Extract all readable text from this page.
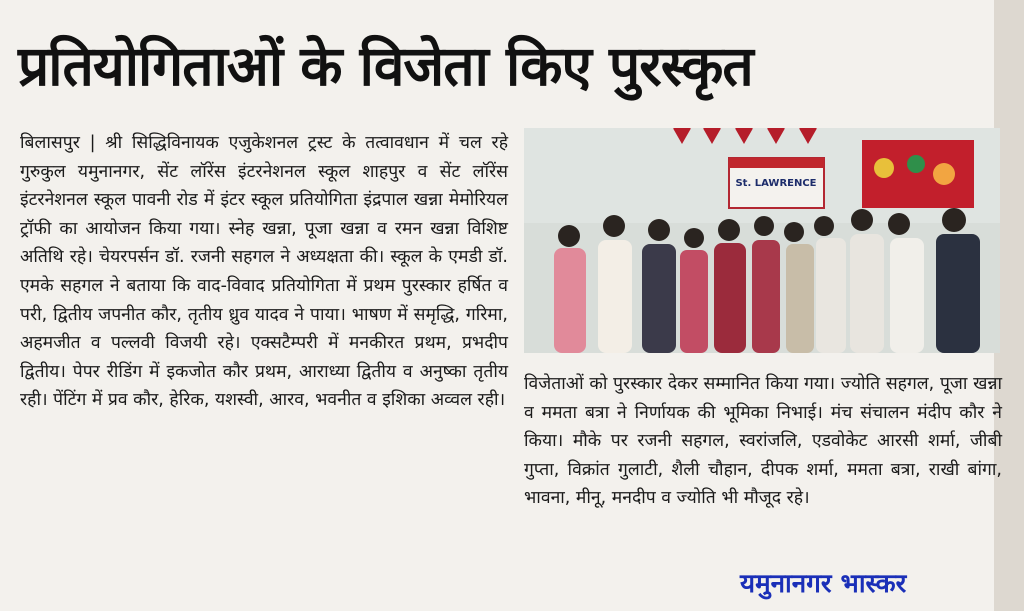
प्रतियोगिताओं के विजेता किए पुरस्कृत

बिलासपुर | श्री सिद्धिविनायक एजुकेशनल ट्रस्ट के तत्वावधान में चल रहे गुरुकुल यमुनानगर, सेंट लॉरेंस इंटरनेशनल स्कूल शाहपुर व सेंट लॉरेंस इंटरनेशनल स्कूल पावनी रोड में इंटर स्कूल प्रतियोगिता इंद्रपाल खन्ना मेमोरियल ट्रॉफी का आयोजन किया गया। स्नेह खन्ना, पूजा खन्ना व रमन खन्ना विशिष्ट अतिथि रहे। चेयरपर्सन डॉ. रजनी सहगल ने अध्यक्षता की। स्कूल के एमडी डॉ. एमके सहगल ने बताया कि वाद-विवाद प्रतियोगिता में प्रथम पुरस्कार हर्षित व परी, द्वितीय जपनीत कौर, तृतीय ध्रुव यादव ने पाया। भाषण में समृद्धि, गरिमा, अहमजीत व पल्लवी विजयी रहे। एक्सटैम्परी में मनकीरत प्रथम, प्रभदीप द्वितीय। पेपर रीडिंग में इकजोत कौर प्रथम, आराध्या द्वितीय व अनुष्का तृतीय रही। पेंटिंग में प्रव कौर, हेरिक, यशस्वी, आरव, भवनीत व इशिका अव्वल रही।

St. LAWRENCE

विजेताओं को पुरस्कार देकर सम्मानित किया गया। ज्योति सहगल, पूजा खन्ना व ममता बत्रा ने निर्णायक की भूमिका निभाई। मंच संचालन मंदीप कौर ने किया। मौके पर रजनी सहगल, स्वरांजलि, एडवोकेट आरसी शर्मा, जीबी गुप्ता, विक्रांत गुलाटी, शैली चौहान, दीपक शर्मा, ममता बत्रा, राखी बांगा, भावना, मीनू, मनदीप व ज्योति भी मौजूद रहे।

यमुनानगर भास्कर
